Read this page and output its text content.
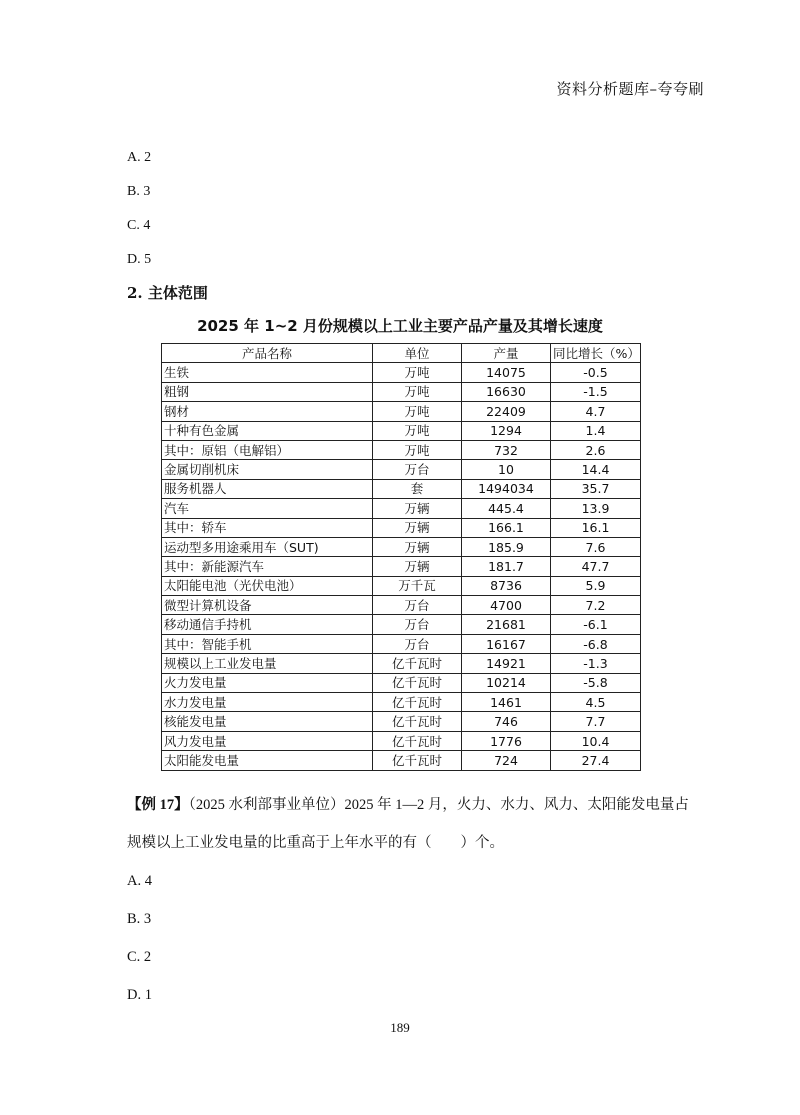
资料分析题库–夸夸刷
A. 2
B. 3
C. 4
D. 5
2. 主体范围
2025 年 1~2 月份规模以上工业主要产品产量及其增长速度
产品名称	单位	产量	同比增长（%）
生铁	万吨	14075	-0.5
粗钢	万吨	16630	-1.5
钢材	万吨	22409	4.7
十种有色金属	万吨	1294	1.4
其中：原铝（电解铝）	万吨	732	2.6
金属切削机床	万台	10	14.4
服务机器人	套	1494034	35.7
汽车	万辆	445.4	13.9
其中：轿车	万辆	166.1	16.1
运动型多用途乘用车（SUT)	万辆	185.9	7.6
其中：新能源汽车	万辆	181.7	47.7
太阳能电池（光伏电池）	万千瓦	8736	5.9
微型计算机设备	万台	4700	7.2
移动通信手持机	万台	21681	-6.1
其中：智能手机	万台	16167	-6.8
规模以上工业发电量	亿千瓦时	14921	-1.3
火力发电量	亿千瓦时	10214	-5.8
水力发电量	亿千瓦时	1461	4.5
核能发电量	亿千瓦时	746	7.7
风力发电量	亿千瓦时	1776	10.4
太阳能发电量	亿千瓦时	724	27.4
【例 17】（2025 水利部事业单位）2025 年 1—2 月，火力、水力、风力、太阳能发电量占规模以上工业发电量的比重高于上年水平的有（　　）个。
A. 4
B. 3
C. 2
D. 1
189
